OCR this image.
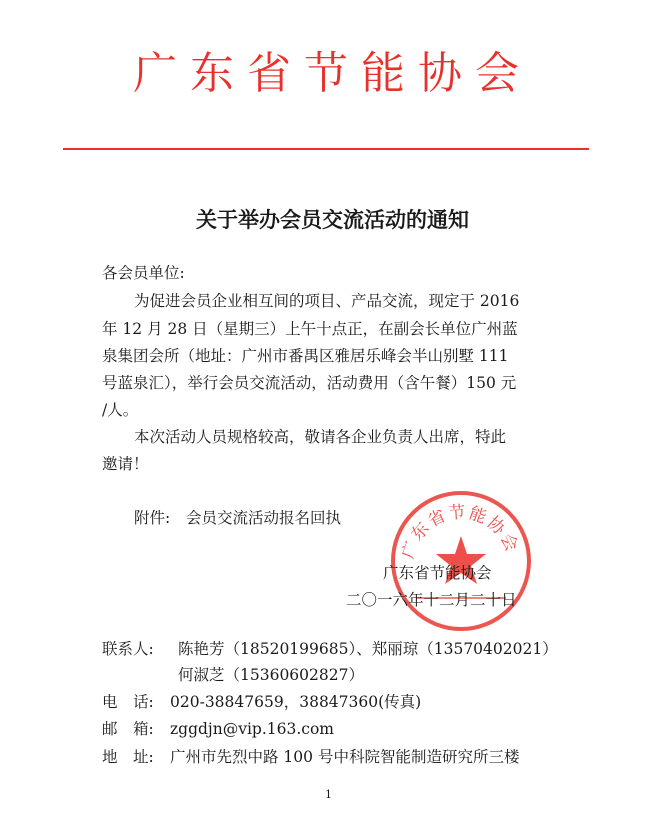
广东省节能协会
关于举办会员交流活动的通知
各会员单位:
为促进会员企业相互间的项目、产品交流，现定于 2016
年 12 月 28 日（星期三）上午十点正，在副会长单位广州蓝
泉集团会所（地址：广州市番禺区雅居乐峰会半山别墅 111
号蓝泉汇），举行会员交流活动，活动费用（含午餐）150 元
/人。
本次活动人员规格较高，敬请各企业负责人出席，特此
邀请！
附件: 会员交流活动报名回执
广东省节能协会
广东省节能协会
二〇一六年十二月二十日
联系人: 陈艳芳（18520199685）、郑丽琼（13570402021）
何淑芝（15360602827）
电　话: 020-38847659，38847360(传真)
邮　箱: zggdjn@vip.163.com
地　址: 广州市先烈中路 100 号中科院智能制造研究所三楼
1
